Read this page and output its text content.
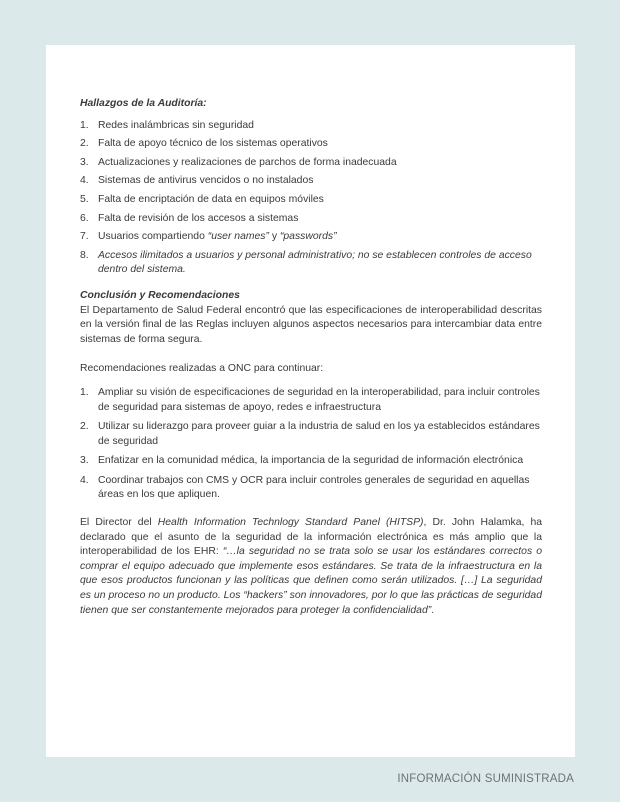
Hallazgos de la Auditoría:

1. Redes inalámbricas sin seguridad
2. Falta de apoyo técnico de los sistemas operativos
3. Actualizaciones y realizaciones de parchos de forma inadecuada
4. Sistemas de antivirus vencidos o no instalados
5. Falta de encriptación de data en equipos móviles
6. Falta de revisión de los accesos a sistemas
7. Usuarios compartiendo “user names” y “passwords”
8. Accesos ilimitados a usuarios y personal administrativo; no se establecen controles de acceso dentro del sistema.

Conclusión y Recomendaciones

El Departamento de Salud Federal encontró que las especificaciones de interoperabilidad descritas en la versión final de las Reglas incluyen algunos aspectos necesarios para intercambiar data entre sistemas de forma segura.

Recomendaciones realizadas a ONC para continuar:

1. Ampliar su visión de especificaciones de seguridad en la interoperabilidad, para incluir controles de seguridad para sistemas de apoyo, redes e infraestructura
2. Utilizar su liderazgo para proveer guiar a la industria de salud en los ya establecidos estándares de seguridad
3. Enfatizar en la comunidad médica, la importancia de la seguridad de información electrónica
4. Coordinar trabajos con CMS y OCR para incluir controles generales de seguridad en aquellas áreas en los que apliquen.

El Director del Health Information Technlogy Standard Panel (HITSP), Dr. John Halamka, ha declarado que el asunto de la seguridad de la información electrónica es más amplio que la interoperabilidad de los EHR: “…la seguridad no se trata solo se usar los estándares correctos o comprar el equipo adecuado que implemente esos estándares. Se trata de la infraestructura en la que esos productos funcionan y las políticas que definen como serán utilizados. […] La seguridad es un proceso no un producto. Los “hackers” son innovadores, por lo que las prácticas de seguridad tienen que ser constantemente mejorados para proteger la confidencialidad”.

INFORMACIÓN SUMINISTRADA
